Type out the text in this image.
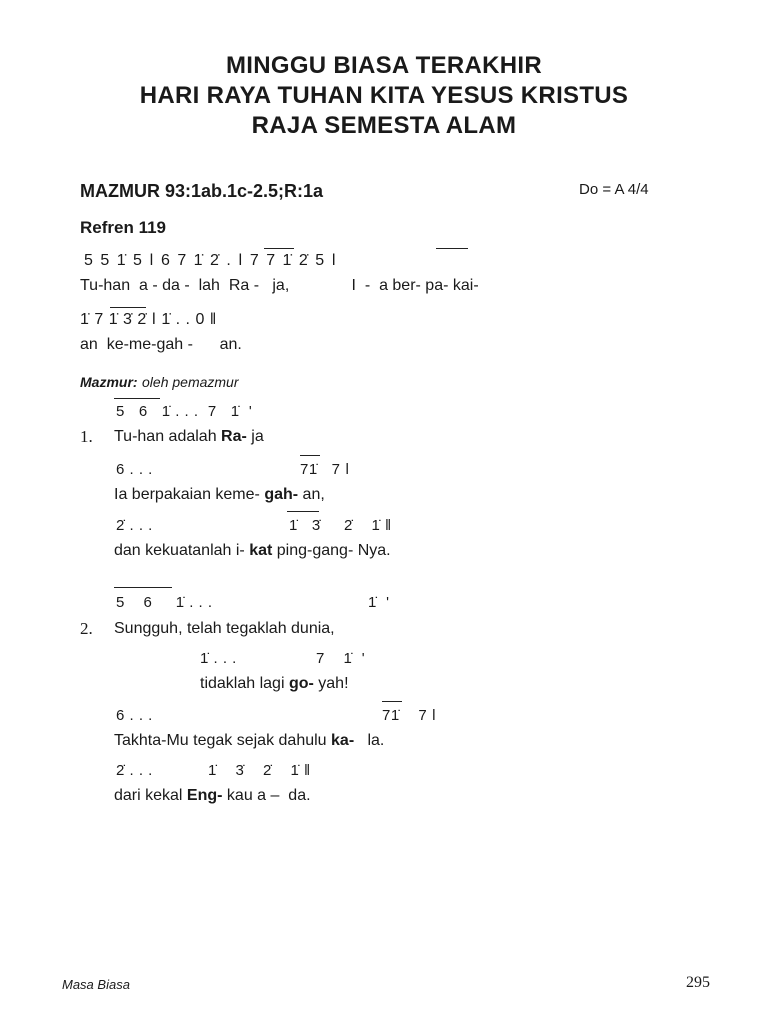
MINGGU BIASA TERAKHIR
HARI RAYA TUHAN KITA YESUS KRISTUS
RAJA SEMESTA ALAM
MAZMUR 93:1ab.1c-2.5;R:1a	Do = A 4/4
Refren 119
5 5 1̇ 5 ǀ 6 7 1̇ 2̇ . ǀ 7 7 1̇ 2̇ 5 ǀ
Tu-han  a - da -  lah  Ra -   ja,              I  -  a ber- pa- kai-
1̇ 7 1̇ 3̇ 2̇ ǀ 1̇ . . 0 ǁ
an  ke-me-gah -      an.
Mazmur: oleh pemazmur
5   6   1̇ . . .  7   1̇  '
1. Tu-han adalah Ra- ja
6 . . .	71̇   7 ǀ
Ia berpakaian keme- gah- an,
2̇ . . .	1̇   3̇     2̇    1̇ ǁ
dan kekuatanlah i- kat ping-gang- Nya.
5    6     1̇ . . .	1̇  '
2. Sungguh, telah tegaklah dunia,
1̇ . . .	7    1̇  '
tidaklah lagi go- yah!
6 . . .	71̇    7 ǀ
Takhta-Mu tegak sejak dahulu ka-   la.
2̇ . . .	1̇    3̇    2̇    1̇ ǁ
dari kekal Eng- kau a –  da.
Masa Biasa	295
